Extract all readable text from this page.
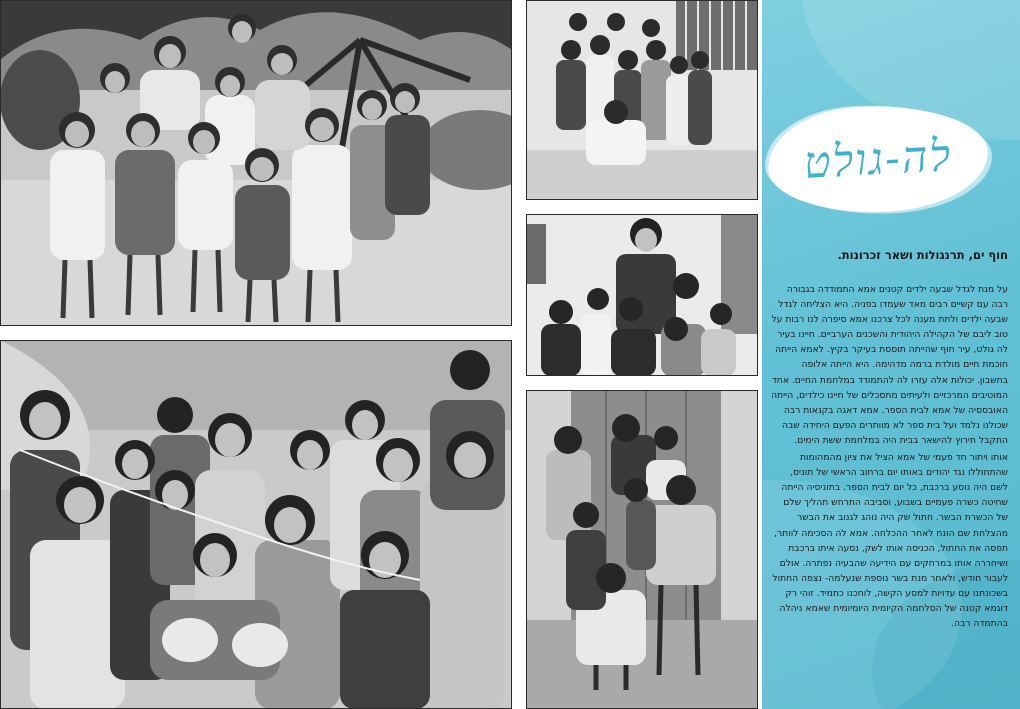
לה-גולט
חוף ים, תרנגולות ושאר זכרונות.

על מנת לגדל שבעה ילדים קטנים אמא התמודדה בגבורה רבה עם קשיים רבים מאד שעמדו בפניה. היא הצליחה לגדל שבעה ילדים ולתת מענה לכל צרכנו אמא סיפרה לנו רבות על טוב ליבם של הקהילה היהודית והשכנים הערביים. חיינו בעיר לה גולט, עיר חוף שהייתה תוססת בעיקר בקיץ. לאמא הייתה חוכמת חיים מולדת ברמה מדהימה. היא הייתה אלופה בחשבון. יכולות אלה עזרו לה להתמודד במלחמת החיים. אחד המוטיבים המרכזיים ולעיתים מתסכלים של חיינו כילדים, הייתה האובססיה של אמא לבית הספר. אמא דאגה בקנאות רבה שכולנו נלמד ועל בית ספר לא מוותרים הפעם היחידה שבה התקבל תירוץ להישאר בבית היה במלחמת ששת הימים.

אותו ויתור חד פעמי של אמא הציל את ציון מהמהומות שהתחוללו נגד יהודים באותו יום ברחוב הראשי של תוניס, לשם היה נוסע ברכבת, כל יום לבית הספר. בתוניסיה הייתה שחיטה כשרה פעמיים בשבוע, וסביבה התרחש תהליך שלם של הכשרת הבשר. חתול שק היה נוהג לגנוב את הבשר מהצלחת שם הונח לאחר ההכלחה. אמא לה הסכימה לוותר, תפסה את החתול, הכניסה אותו לשק, נסעה איתו ברכבת ושיחררה אותו במרחקים עם הידיעה שהבעיה נפתרה. אולם לעבור חודש, ולאחר מנת בשר נוספת שנעלמה- נצפה החתול בשכונתנו עם עדויות למסע הקשה, לוחכנו כתמיד. זוהי רק דוגמא קטנה של הסלחמה הקיומית היומיומית שאמא ניהלה בהתמדה רבה.
